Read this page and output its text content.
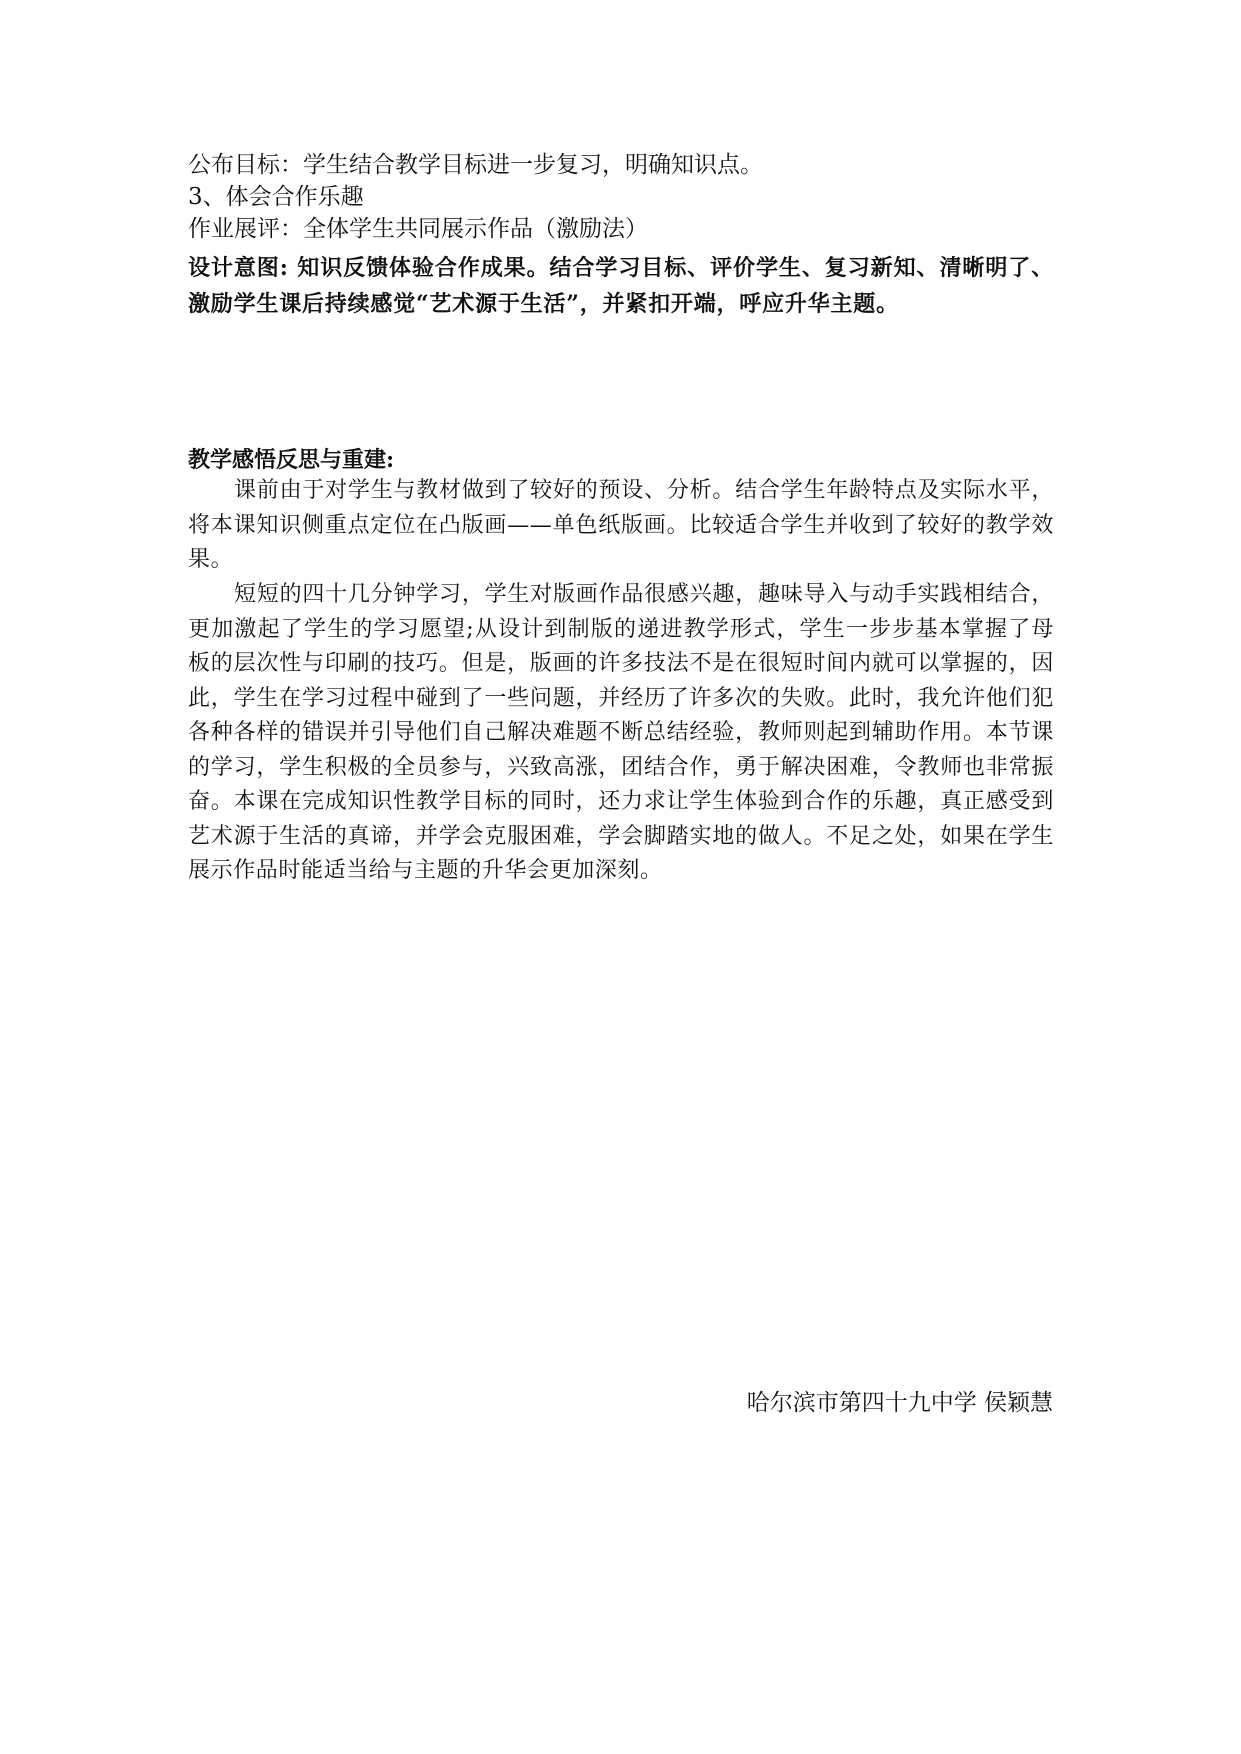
公布目标：学生结合教学目标进一步复习，明确知识点。
3、体会合作乐趣
作业展评：全体学生共同展示作品（激励法）
设计意图: 知识反馈体验合作成果。结合学习目标、评价学生、复习新知、清晰明了、激励学生课后持续感觉“艺术源于生活”，并紧扣开端，呼应升华主题。
教学感悟反思与重建:
课前由于对学生与教材做到了较好的预设、分析。结合学生年龄特点及实际水平，将本课知识侧重点定位在凸版画——单色纸版画。比较适合学生并收到了较好的教学效果。
短短的四十几分钟学习，学生对版画作品很感兴趣，趣味导入与动手实践相结合，更加激起了学生的学习愿望;从设计到制版的递进教学形式，学生一步步基本掌握了母板的层次性与印刷的技巧。但是，版画的许多技法不是在很短时间内就可以掌握的，因此，学生在学习过程中碰到了一些问题，并经历了许多次的失败。此时，我允许他们犯各种各样的错误并引导他们自己解决难题不断总结经验，教师则起到辅助作用。本节课的学习，学生积极的全员参与，兴致高涨，团结合作，勇于解决困难，令教师也非常振奋。本课在完成知识性教学目标的同时，还力求让学生体验到合作的乐趣，真正感受到艺术源于生活的真谛，并学会克服困难，学会脚踏实地的做人。不足之处，如果在学生展示作品时能适当给与主题的升华会更加深刻。
哈尔滨市第四十九中学 侯颖慧
